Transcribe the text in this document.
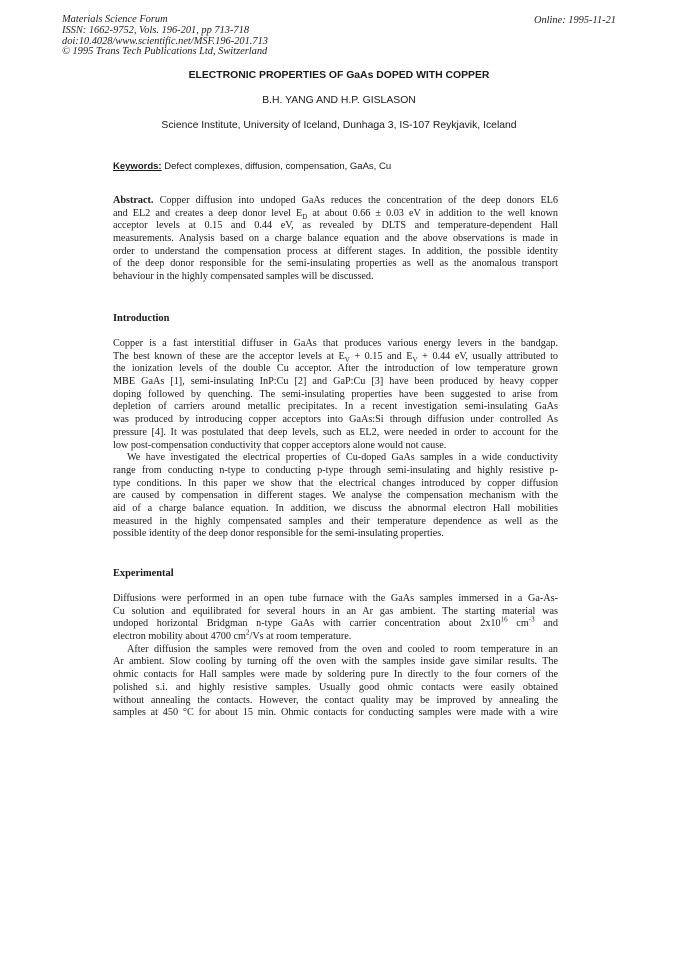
Materials Science Forum
ISSN: 1662-9752, Vols. 196-201, pp 713-718
doi:10.4028/www.scientific.net/MSF.196-201.713
© 1995 Trans Tech Publications Ltd, Switzerland
Online: 1995-11-21
ELECTRONIC PROPERTIES OF GaAs DOPED WITH COPPER
B.H. YANG AND H.P. GISLASON
Science Institute, University of Iceland, Dunhaga 3, IS-107 Reykjavik, Iceland
Keywords: Defect complexes, diffusion, compensation, GaAs, Cu
Abstract. Copper diffusion into undoped GaAs reduces the concentration of the deep donors EL6
and EL2 and creates a deep donor level $E_D$ at about 0.66 ± 0.03 eV in addition to the well known
acceptor levels at 0.15 and 0.44 eV, as revealed by DLTS and temperature-dependent Hall
measurements. Analysis based on a charge balance equation and the above observations is made in
order to understand the compensation process at different stages. In addition, the possible identity
of the deep donor responsible for the semi-insulating properties as well as the anomalous transport
behaviour in the highly compensated samples will be discussed.
Introduction
Copper is a fast interstitial diffuser in GaAs that produces various energy levers in the bandgap.
The best known of these are the acceptor levels at $E_V + 0.15$ and $E_V + 0.44$ eV, usually attributed to
the ionization levels of the double Cu acceptor. After the introduction of low temperature grown
MBE GaAs [1], semi-insulating InP:Cu [2] and GaP:Cu [3] have been produced by heavy copper
doping followed by quenching. The semi-insulating properties have been suggested to arise from
depletion of carriers around metallic precipitates. In a recent investigation semi-insulating GaAs
was produced by introducing copper acceptors into GaAs:Si through diffusion under controlled As
pressure [4]. It was postulated that deep levels, such as EL2, were needed in order to account for the
low post-compensation conductivity that copper acceptors alone would not cause.
We have investigated the electrical properties of Cu-doped GaAs samples in a wide conductivity
range from conducting n-type to conducting p-type through semi-insulating and highly resistive p-
type conditions. In this paper we show that the electrical changes introduced by copper diffusion
are caused by compensation in different stages. We analyse the compensation mechanism with the
aid of a charge balance equation. In addition, we discuss the abnormal electron Hall mobilities
measured in the highly compensated samples and their temperature dependence as well as the
possible identity of the deep donor responsible for the semi-insulating properties.
Experimental
Diffusions were performed in an open tube furnace with the GaAs samples immersed in a Ga-As-
Cu solution and equilibrated for several hours in an Ar gas ambient. The starting material was
undoped horizontal Bridgman n-type GaAs with carrier concentration about $2x10^{16}$ $cm^{-3}$ and
electron mobility about 4700 $cm^2/Vs$ at room temperature.
After diffusion the samples were removed from the oven and cooled to room temperature in an
Ar ambient. Slow cooling by turning off the oven with the samples inside gave similar results. The
ohmic contacts for Hall samples were made by soldering pure In directly to the four corners of the
polished s.i. and highly resistive samples. Usually good ohmic contacts were easily obtained
without annealing the contacts. However, the contact quality may be improved by annealing the
samples at 450 °C for about 15 min. Ohmic contacts for conducting samples were made with a wire
